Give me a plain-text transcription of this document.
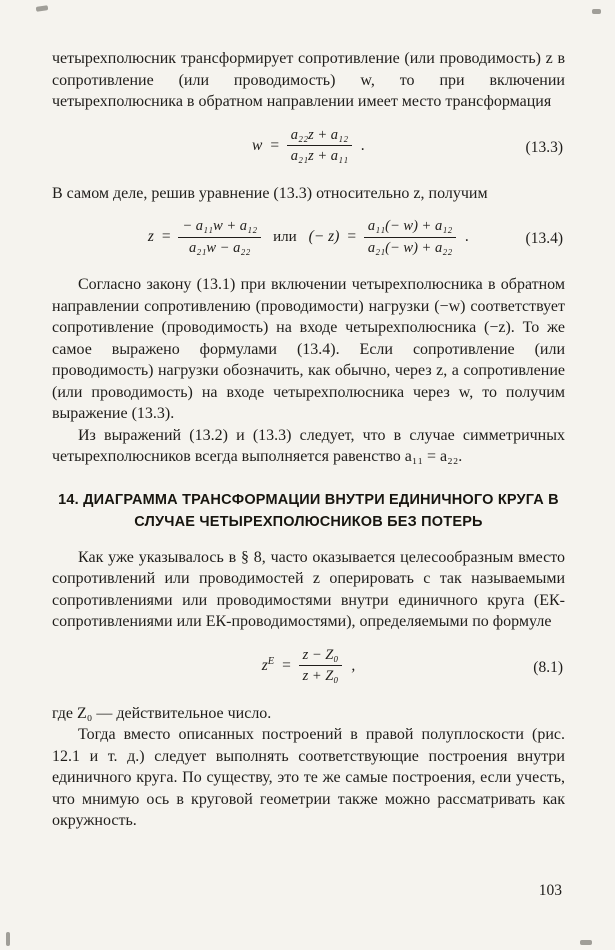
четырехполюсник трансформирует сопротивление (или проводимость) z в сопротивление (или проводимость) w, то при включении четырехполюсника в обратном направлении имеет место трансформация

$w = \frac{\text{a₂₂z + a₁₂}}{\text{a₂₁z + a₁₁}}$ .	(13.3)

В самом деле, решив уравнение (13.3) относительно z, получим

$z = \frac{\text{− a₁₁w + a₁₂}}{\text{a₂₁w − a₂₂}}$ или (− $z) = \frac{\text{a₁₁(− w) + a₁₂}}{\text{a₂₁(− w) + a₂₂}}$ .	(13.4)

Согласно закону (13.1) при включении четырехполюсника в обратном направлении сопротивлению (проводимости) нагрузки (−w) соответствует сопротивление (проводимость) на входе четырехполюсника (−z). То же самое выражено формулами (13.4). Если сопротивление (или проводимость) нагрузки обозначить, как обычно, через z, а сопротивление (или проводимость) на входе четырехполюсника через w, то получим выражение (13.3).

Из выражений (13.2) и (13.3) следует, что в случае симметричных четырехполюсников всегда выполняется равенство a₁₁ = a₂₂.

14. ДИАГРАММА ТРАНСФОРМАЦИИ ВНУТРИ ЕДИНИЧНОГО КРУГА В СЛУЧАЕ ЧЕТЫРЕХПОЛЮСНИКОВ БЕЗ ПОТЕРЬ

Как уже указывалось в § 8, часто оказывается целесообразным вместо сопротивлений или проводимостей z оперировать с так называемыми сопротивлениями или проводимостями внутри единичного круга (ЕК-сопротивлениями или ЕК-проводимостями), определяемыми по формуле

$z^E = \frac{\text{z − Z₀}}{\text{z + Z₀}}$ ,	(8.1)

где Z₀ — действительное число.

Тогда вместо описанных построений в правой полуплоскости (рис. 12.1 и т. д.) следует выполнять соответствующие построения внутри единичного круга. По существу, это те же самые построения, если учесть, что мнимую ось в круговой геометрии также можно рассматривать как окружность.

103
